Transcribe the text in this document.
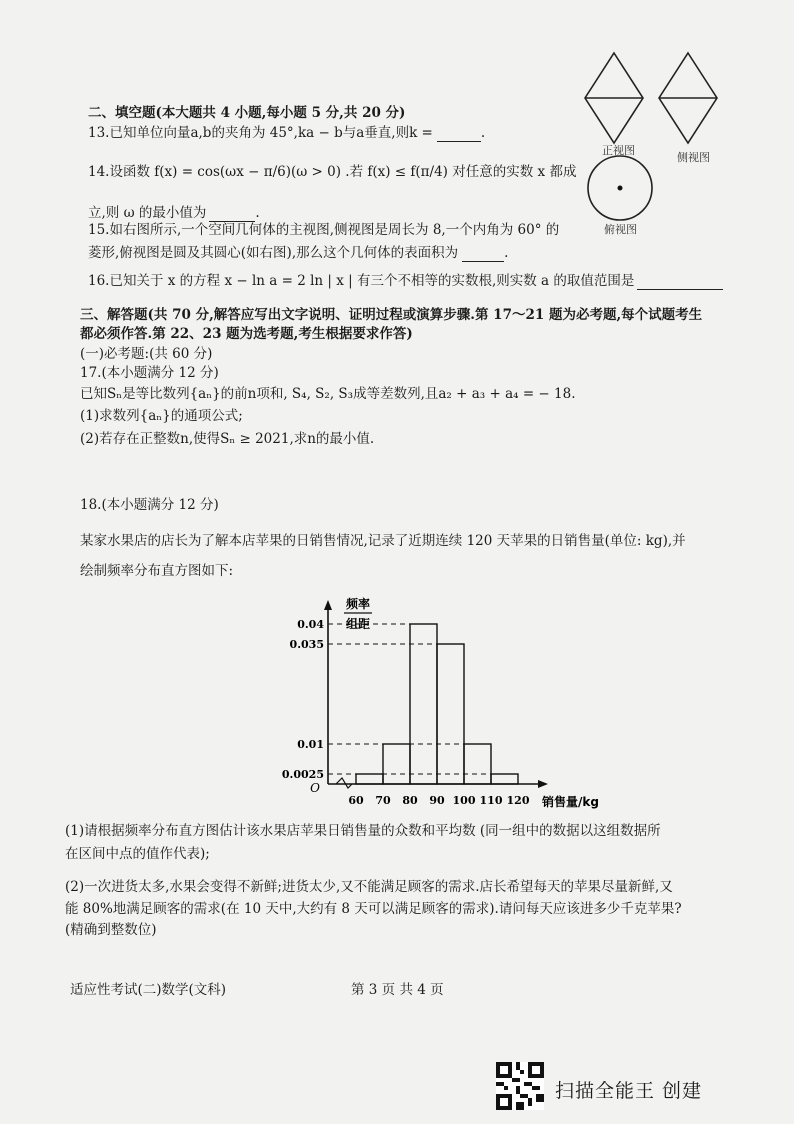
正视图
侧视图
俯视图
二、填空题(本大题共 4 小题,每小题 5 分,共 20 分)
13.已知单位向量a,b的夹角为 45°,ka − b与a垂直,则k =	.
14.设函数 f(x) = cos(ωx − π/6)(ω > 0) .若 f(x) ≤ f(π/4) 对任意的实数 x 都成
立,则 ω 的最小值为	.
15.如右图所示,一个空间几何体的主视图,侧视图是周长为 8,一个内角为 60° 的
菱形,俯视图是圆及其圆心(如右图),那么这个几何体的表面积为	.
16.已知关于 x 的方程 x − ln a = 2 ln | x | 有三个不相等的实数根,则实数 a 的取值范围是
三、解答题(共 70 分,解答应写出文字说明、证明过程或演算步骤.第 17～21 题为必考题,每个试题考生
都必须作答.第 22、23 题为选考题,考生根据要求作答)
(一)必考题:(共 60 分)
17.(本小题满分 12 分)
已知Sₙ是等比数列{aₙ}的前n项和, S₄, S₂, S₃成等差数列,且a₂ + a₃ + a₄ = − 18.
(1)求数列{aₙ}的通项公式;
(2)若存在正整数n,使得Sₙ ≥ 2021,求n的最小值.
18.(本小题满分 12 分)
某家水果店的店长为了解本店苹果的日销售情况,记录了近期连续 120 天苹果的日销售量(单位: kg),并
绘制频率分布直方图如下:
0.04
0.035
0.01
0.0025
60 70 80 90 100 110 120
O
销售量/kg
频率
组距
(1)请根据频率分布直方图估计该水果店苹果日销售量的众数和平均数 (同一组中的数据以这组数据所
在区间中点的值作代表);
(2)一次进货太多,水果会变得不新鲜;进货太少,又不能满足顾客的需求.店长希望每天的苹果尽量新鲜,又
能 80%地满足顾客的需求(在 10 天中,大约有 8 天可以满足顾客的需求).请问每天应该进多少千克苹果?
(精确到整数位)
适应性考试(二)数学(文科)	第 3 页 共 4 页
扫描全能王 创建
